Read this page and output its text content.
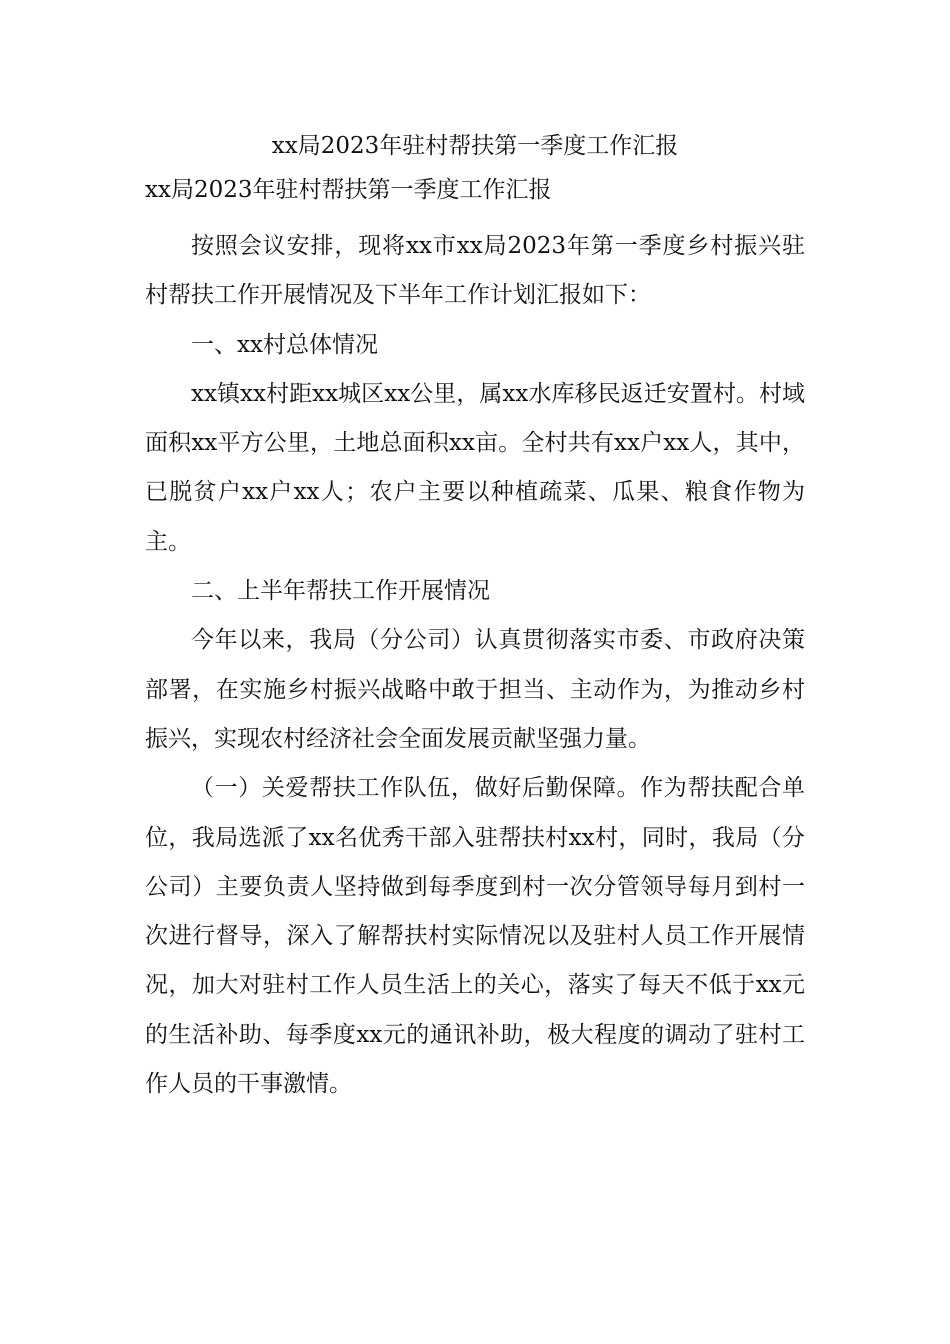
xx局2023年驻村帮扶第一季度工作汇报
xx局2023年驻村帮扶第一季度工作汇报

按照会议安排，现将xx市xx局2023年第一季度乡村振兴驻村帮扶工作开展情况及下半年工作计划汇报如下：

一、xx村总体情况

xx镇xx村距xx城区xx公里，属xx水库移民返迁安置村。村域面积xx平方公里，土地总面积xx亩。全村共有xx户xx人，其中，已脱贫户xx户xx人；农户主要以种植疏菜、瓜果、粮食作物为主。

二、上半年帮扶工作开展情况

今年以来，我局（分公司）认真贯彻落实市委、市政府决策部署，在实施乡村振兴战略中敢于担当、主动作为，为推动乡村振兴，实现农村经济社会全面发展贡献坚强力量。

（一）关爱帮扶工作队伍，做好后勤保障。作为帮扶配合单位，我局选派了xx名优秀干部入驻帮扶村xx村，同时，我局（分公司）主要负责人坚持做到每季度到村一次分管领导每月到村一次进行督导，深入了解帮扶村实际情况以及驻村人员工作开展情况，加大对驻村工作人员生活上的关心，落实了每天不低于xx元的生活补助、每季度xx元的通讯补助，极大程度的调动了驻村工作人员的干事激情。
